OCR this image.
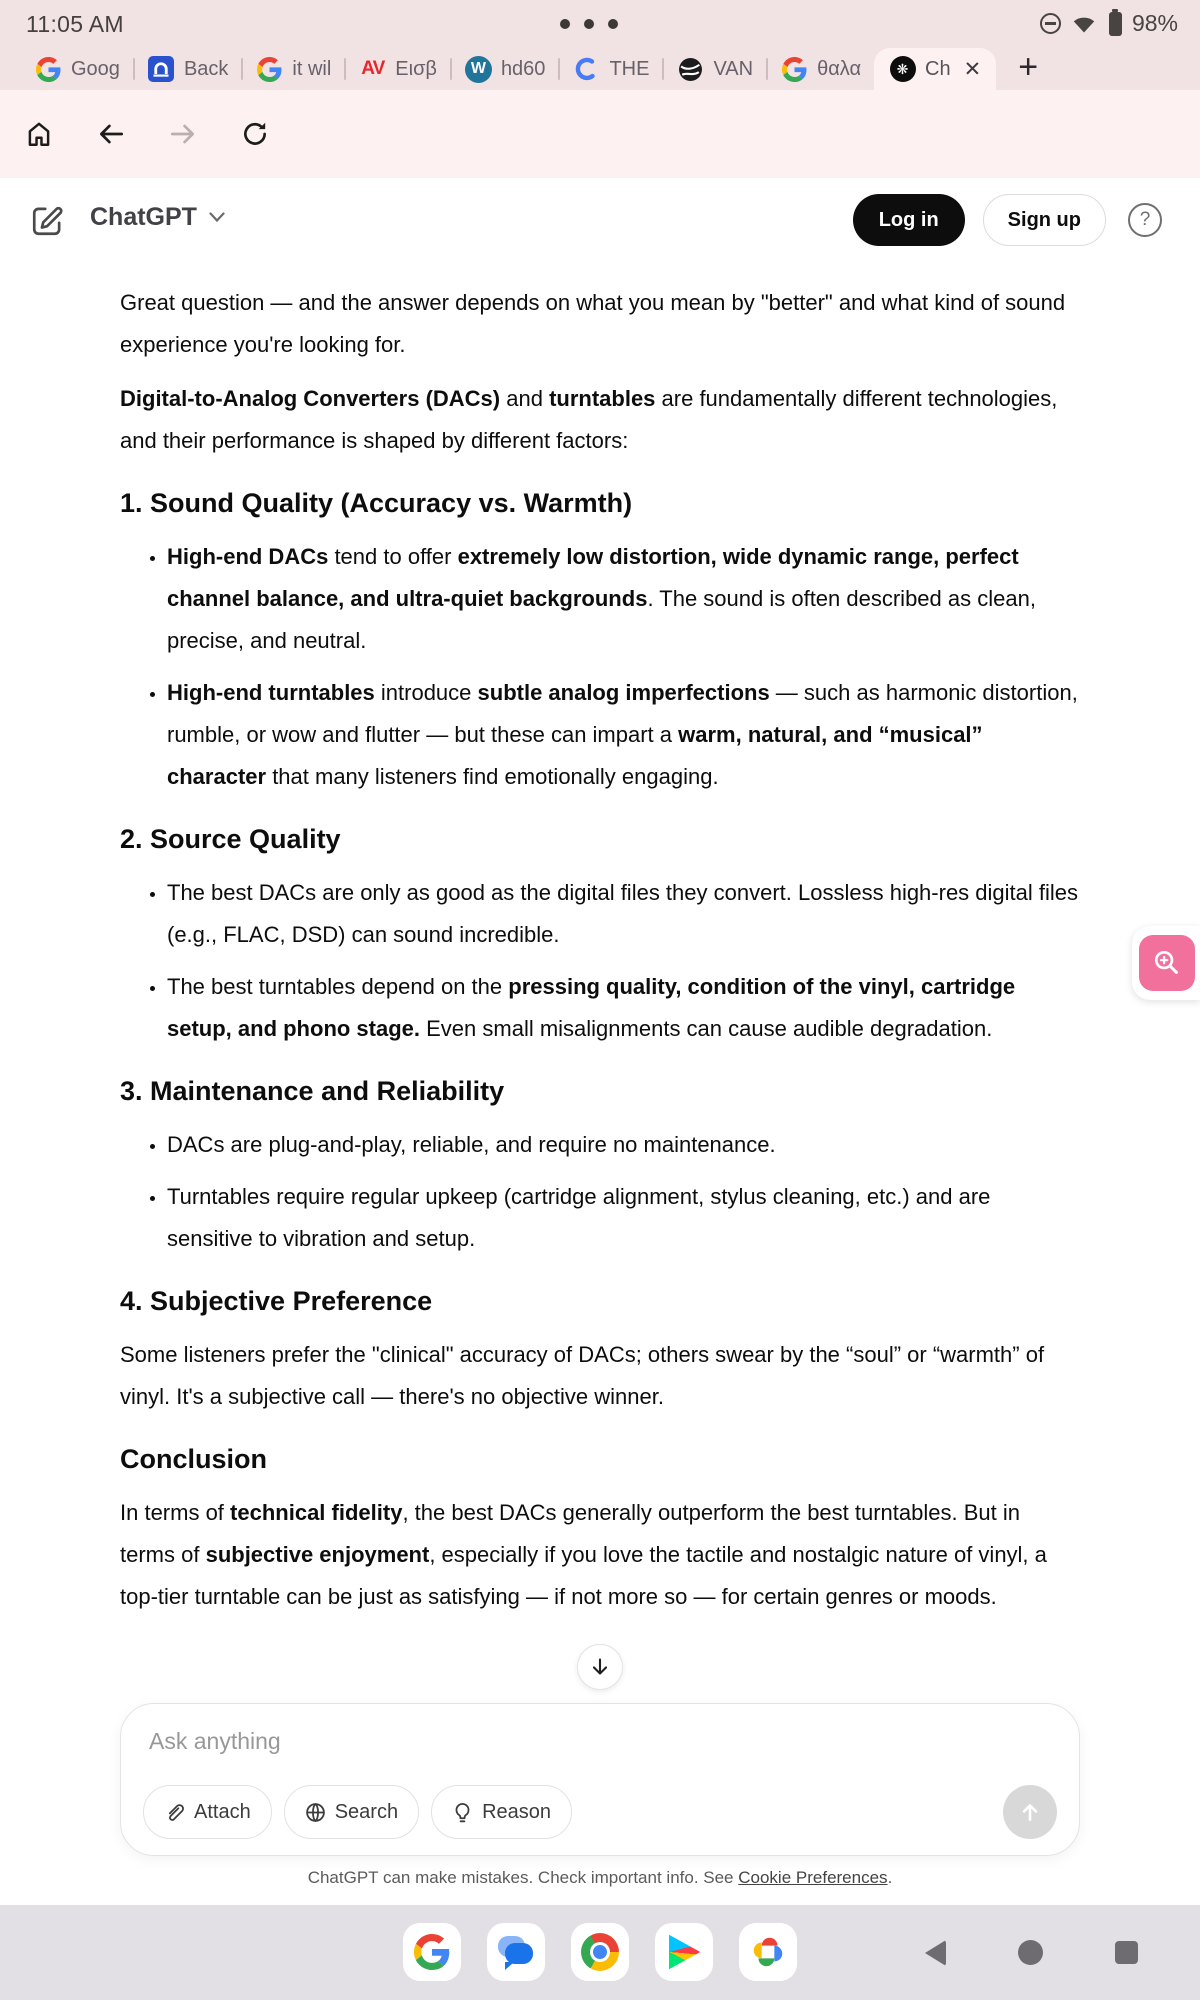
11:05 AM	98%
Goog	Back	it wil AV Εισβ	W hd60	THE	VAN	θαλα	❋ Ch ✕ +
ChatGPT	Log in	Sign up	?

Great question — and the answer depends on what you mean by "better" and what kind of sound experience you're looking for.

Digital-to-Analog Converters (DACs) and turntables are fundamentally different technologies, and their performance is shaped by different factors:

1. Sound Quality (Accuracy vs. Warmth)
• High-end DACs tend to offer extremely low distortion, wide dynamic range, perfect channel balance, and ultra-quiet backgrounds. The sound is often described as clean, precise, and neutral.
• High-end turntables introduce subtle analog imperfections — such as harmonic distortion, rumble, or wow and flutter — but these can impart a warm, natural, and “musical” character that many listeners find emotionally engaging.
2. Source Quality
• The best DACs are only as good as the digital files they convert. Lossless high-res digital files (e.g., FLAC, DSD) can sound incredible.
• The best turntables depend on the pressing quality, condition of the vinyl, cartridge setup, and phono stage. Even small misalignments can cause audible degradation.
3. Maintenance and Reliability
• DACs are plug-and-play, reliable, and require no maintenance.
• Turntables require regular upkeep (cartridge alignment, stylus cleaning, etc.) and are sensitive to vibration and setup.
4. Subjective Preference

Some listeners prefer the "clinical" accuracy of DACs; others swear by the “soul” or “warmth” of vinyl. It's a subjective call — there's no objective winner.

Conclusion

In terms of technical fidelity, the best DACs generally outperform the best turntables. But in terms of subjective enjoyment, especially if you love the tactile and nostalgic nature of vinyl, a top-tier turntable can be just as satisfying — if not more so — for certain genres or moods.

Ask anything
Attach	Search	Reason
ChatGPT can make mistakes. Check important info. See Cookie Preferences.
